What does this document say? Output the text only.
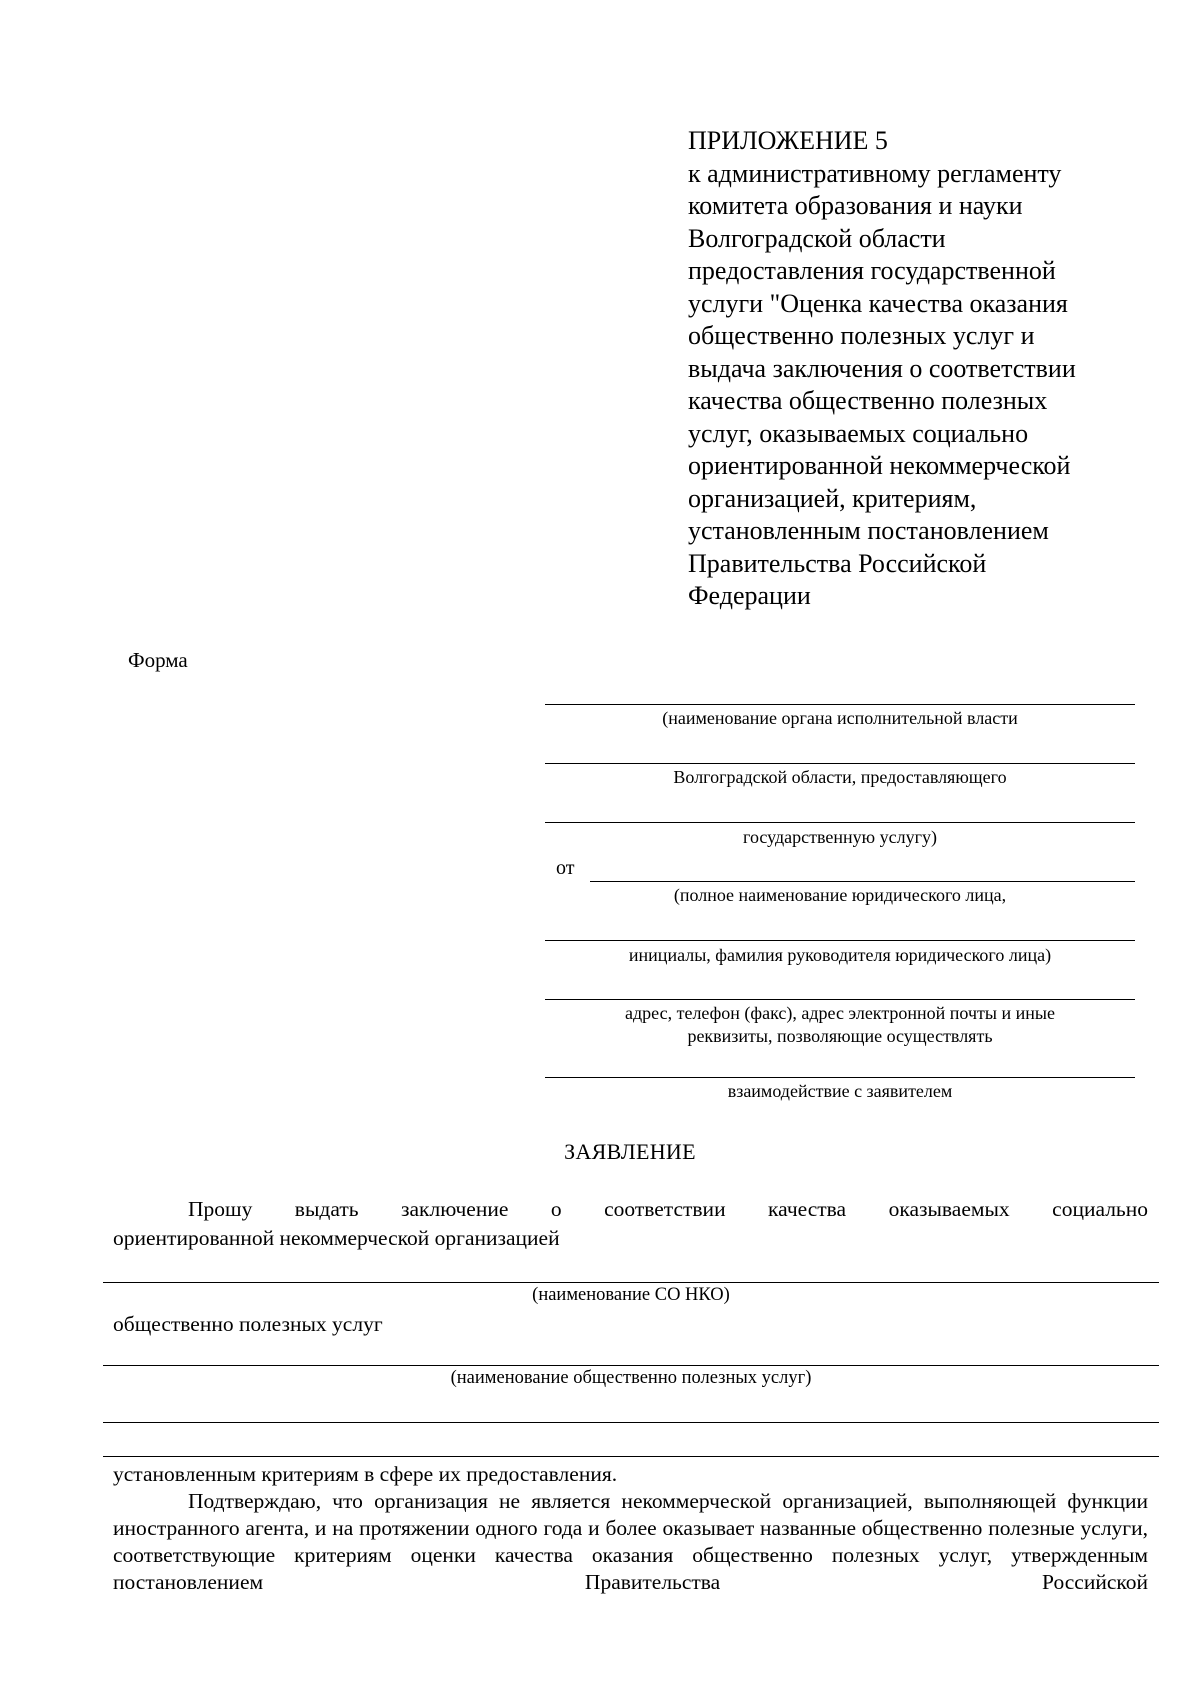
ПРИЛОЖЕНИЕ 5
к административному регламенту
комитета образования и науки
Волгоградской области
предоставления государственной
услуги "Оценка качества оказания
общественно полезных услуг и
выдача заключения о соответствии
качества общественно полезных
услуг, оказываемых социально
ориентированной некоммерческой
организацией, критериям,
установленным постановлением
Правительства Российской
Федерации
Форма
(наименование органа исполнительной власти
Волгоградской области, предоставляющего
государственную услугу)
от
(полное наименование юридического лица,
инициалы, фамилия руководителя юридического лица)
адрес, телефон (факс), адрес электронной почты и иные
реквизиты, позволяющие осуществлять
взаимодействие с заявителем
ЗАЯВЛЕНИЕ
Прошу выдать заключение о соответствии качества оказываемых социально
ориентированной некоммерческой организацией
(наименование СО НКО)
общественно полезных услуг
(наименование общественно полезных услуг)
установленным критериям в сфере их предоставления.
Подтверждаю, что организация не является некоммерческой организацией, выполняющей функции иностранного агента, и на протяжении одного года и более оказывает названные общественно полезные услуги, соответствующие критериям оценки качества оказания общественно полезных услуг, утвержденным постановлением Правительства Российской
